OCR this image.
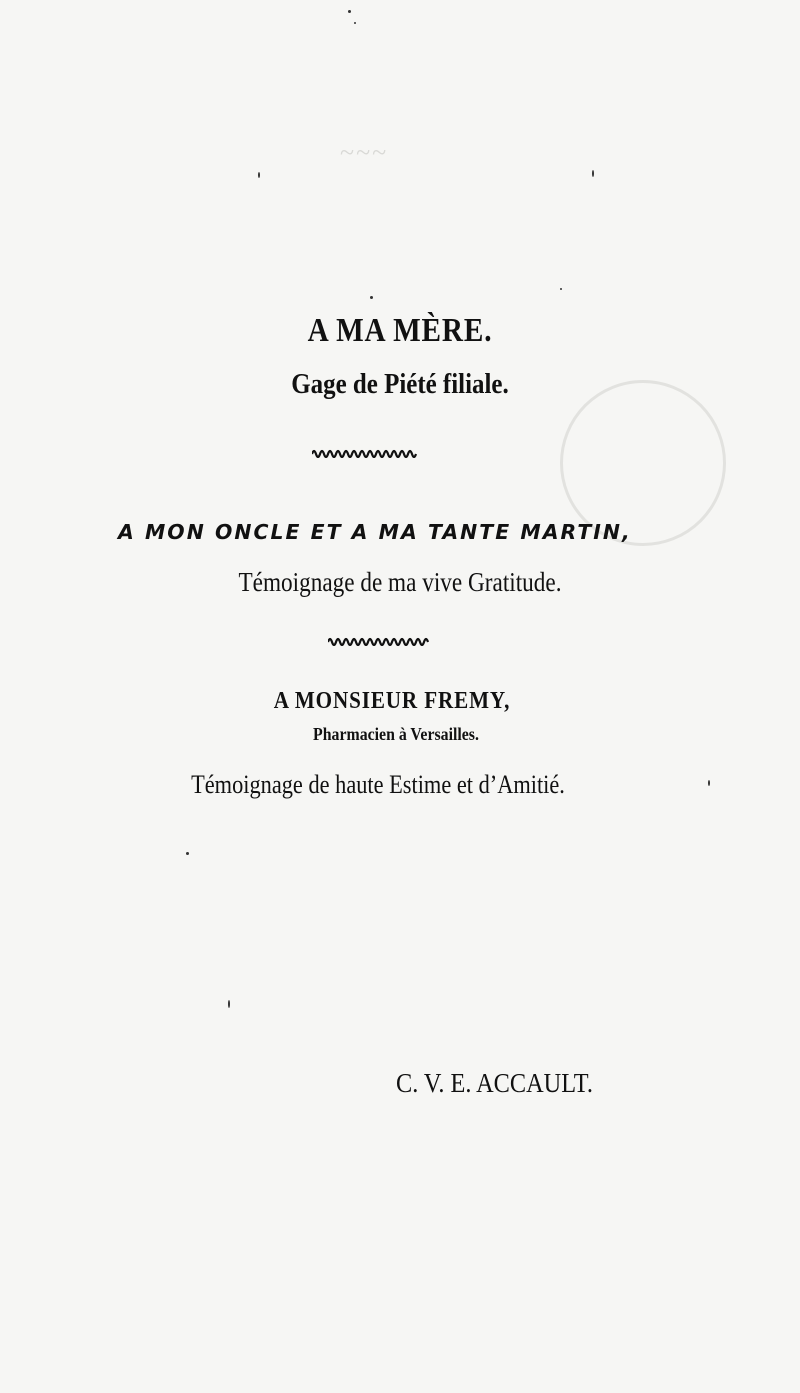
~~~
A MA MÈRE.
Gage de Piété filiale.
A MON ONCLE ET A MA TANTE MARTIN,
Témoignage de ma vive Gratitude.
A MONSIEUR FREMY,
Pharmacien à Versailles.
Témoignage de haute Estime et d’Amitié.
C. V. E. ACCAULT.
